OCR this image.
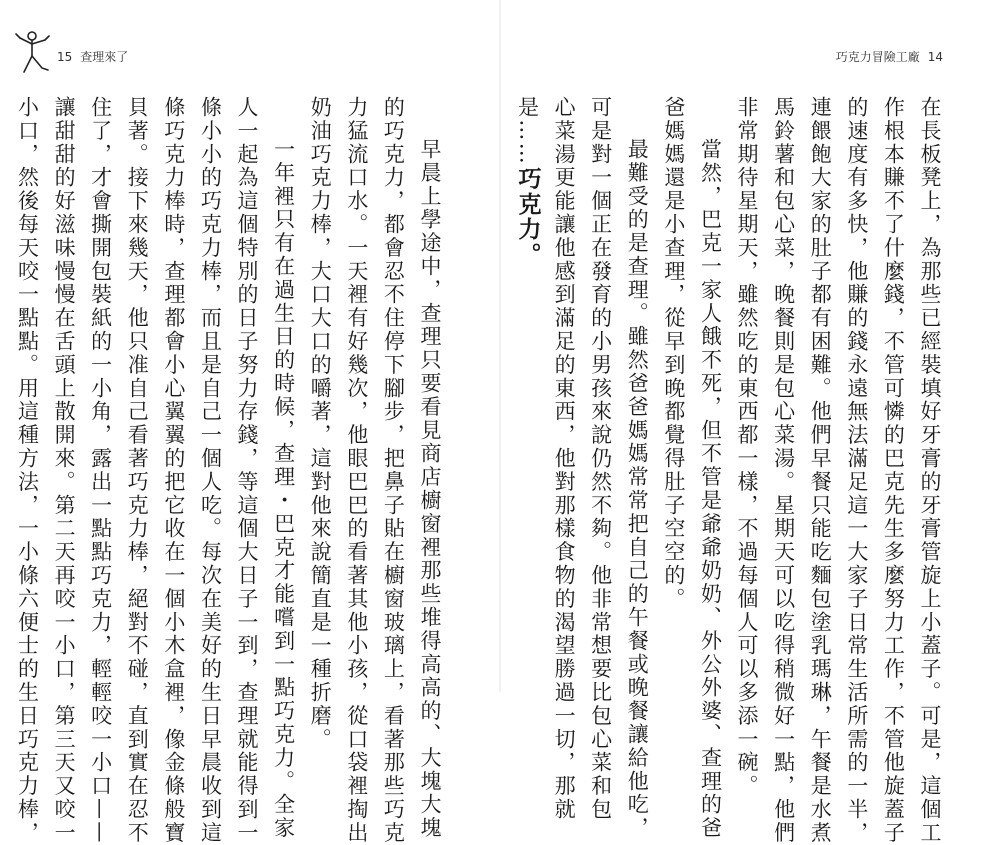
15 查理來了
早晨上學途中，查理只要看見商店櫥窗裡那些堆得高高的、大塊大塊
的巧克力，都會忍不住停下腳步，把鼻子貼在櫥窗玻璃上，看著那些巧克
力猛流口水。一天裡有好幾次，他眼巴巴的看著其他小孩，從口袋裡掏出
奶油巧克力棒，大口大口的嚼著，這對他來說簡直是一種折磨。
一年裡只有在過生日的時候，查理・巴克才能嚐到一點巧克力。全家
人一起為這個特別的日子努力存錢，等這個大日子一到，查理就能得到一
條小小的巧克力棒，而且是自己一個人吃。每次在美好的生日早晨收到這
條巧克力棒時，查理都會小心翼翼的把它收在一個小木盒裡，像金條般寶
貝著。接下來幾天，他只准自己看著巧克力棒，絕對不碰，直到實在忍不
住了，才會撕開包裝紙的一小角，露出一點點巧克力，輕輕咬一小口——
讓甜甜的好滋味慢慢在舌頭上散開來。第二天再咬一小口，第三天又咬一
小口，然後每天咬一點點。用這種方法，一小條六便士的生日巧克力棒，
巧克力冒險工廠 14
在長板凳上，為那些已經裝填好牙膏的牙膏管旋上小蓋子。可是，這個工
作根本賺不了什麼錢，不管可憐的巴克先生多麼努力工作，不管他旋蓋子
的速度有多快，他賺的錢永遠無法滿足這一大家子日常生活所需的一半，
連餵飽大家的肚子都有困難。他們早餐只能吃麵包塗乳瑪琳，午餐是水煮
馬鈴薯和包心菜，晚餐則是包心菜湯。星期天可以吃得稍微好一點，他們
非常期待星期天，雖然吃的東西都一樣，不過每個人可以多添一碗。
當然，巴克一家人餓不死，但不管是爺爺奶奶、外公外婆、查理的爸
爸媽媽還是小查理，從早到晚都覺得肚子空空的。
最難受的是查理。雖然爸爸媽媽常常把自己的午餐或晚餐讓給他吃，
可是對一個正在發育的小男孩來說仍然不夠。他非常想要比包心菜和包
心菜湯更能讓他感到滿足的東西，他對那樣食物的渴望勝過一切，那就
是……巧克力。
